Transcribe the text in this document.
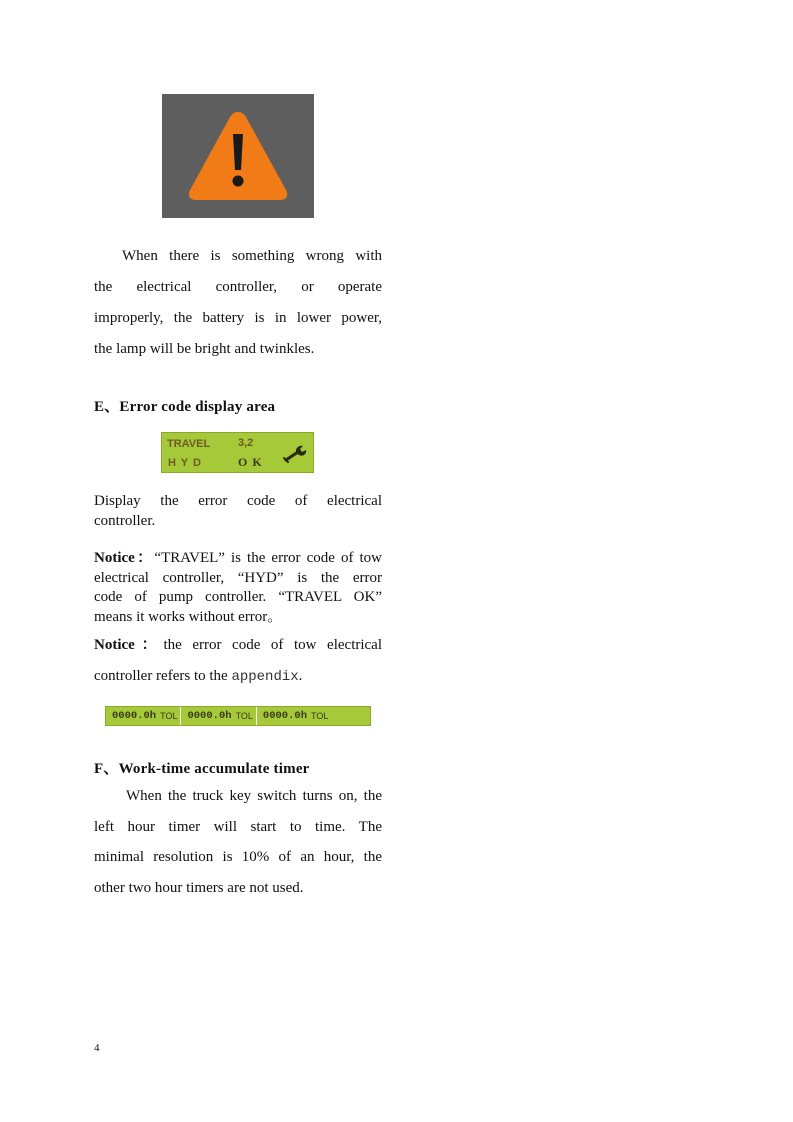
When there is something wrong with
the electrical controller, or operate
improperly, the battery is in lower power,
the lamp will be bright and twinkles.
E、Error code display area
TRAVEL	3,2
H Y D	O K
Display the error code of electrical
controller.
Notice：“TRAVEL” is the error code of tow
electrical controller, “HYD” is the error
code of pump controller. “TRAVEL OK”
means it works without error。
Notice：the error code of tow electrical
controller refers to the appendix.
0000.0h TOL 0000.0h TOL 0000.0h TOL
F、Work-time accumulate timer
When the truck key switch turns on, the
left hour timer will start to time. The
minimal resolution is 10% of an hour, the
other two hour timers are not used.
4
